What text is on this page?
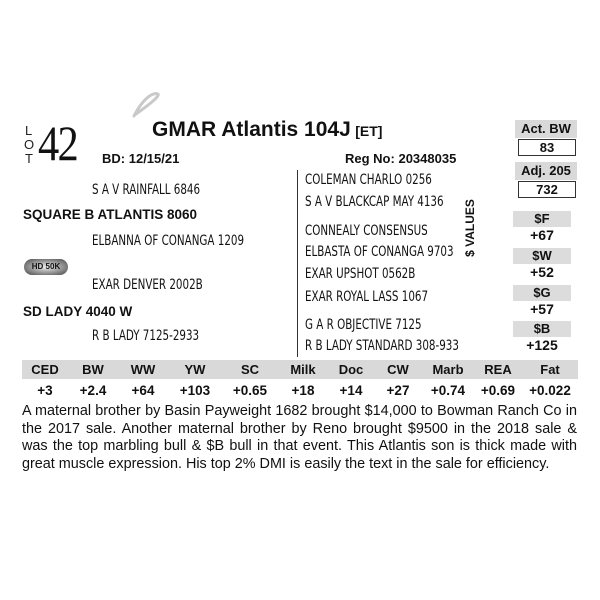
L
O
T 42	GMAR Atlantis 104J [ET]
BD: 12/15/21	Reg No: 20348035
Act. BW
83
Adj. 205
732
S A V RAINFALL 6846
SQUARE B ATLANTIS 8060
ELBANNA OF CONANGA 1209
HD 50K
EXAR DENVER 2002B
SD LADY 4040 W
R B LADY 7125-2933
COLEMAN CHARLO 0256
S A V BLACKCAP MAY 4136
CONNEALY CONSENSUS
ELBASTA OF CONANGA 9703
EXAR UPSHOT 0562B
EXAR ROYAL LASS 1067
G A R OBJECTIVE 7125
R B LADY STANDARD 308-933
$ VALUES	$F
+67
$W
+52
$G
+57
$B
+125
CED BW WW YW	SC Milk Doc CW Marb REA Fat
+3 +2.4 +64 +103 +0.65 +18 +14 +27 +0.74 +0.69 +0.022
A maternal brother by Basin Payweight 1682 brought $14,000 to Bowman Ranch Co in the 2017 sale. Another maternal brother by Reno brought $9500 in the 2018 sale & was the top marbling bull & $B bull in that event. This Atlantis son is thick made with great muscle expression. His top 2% DMI is easily the text in the sale for efficiency.
